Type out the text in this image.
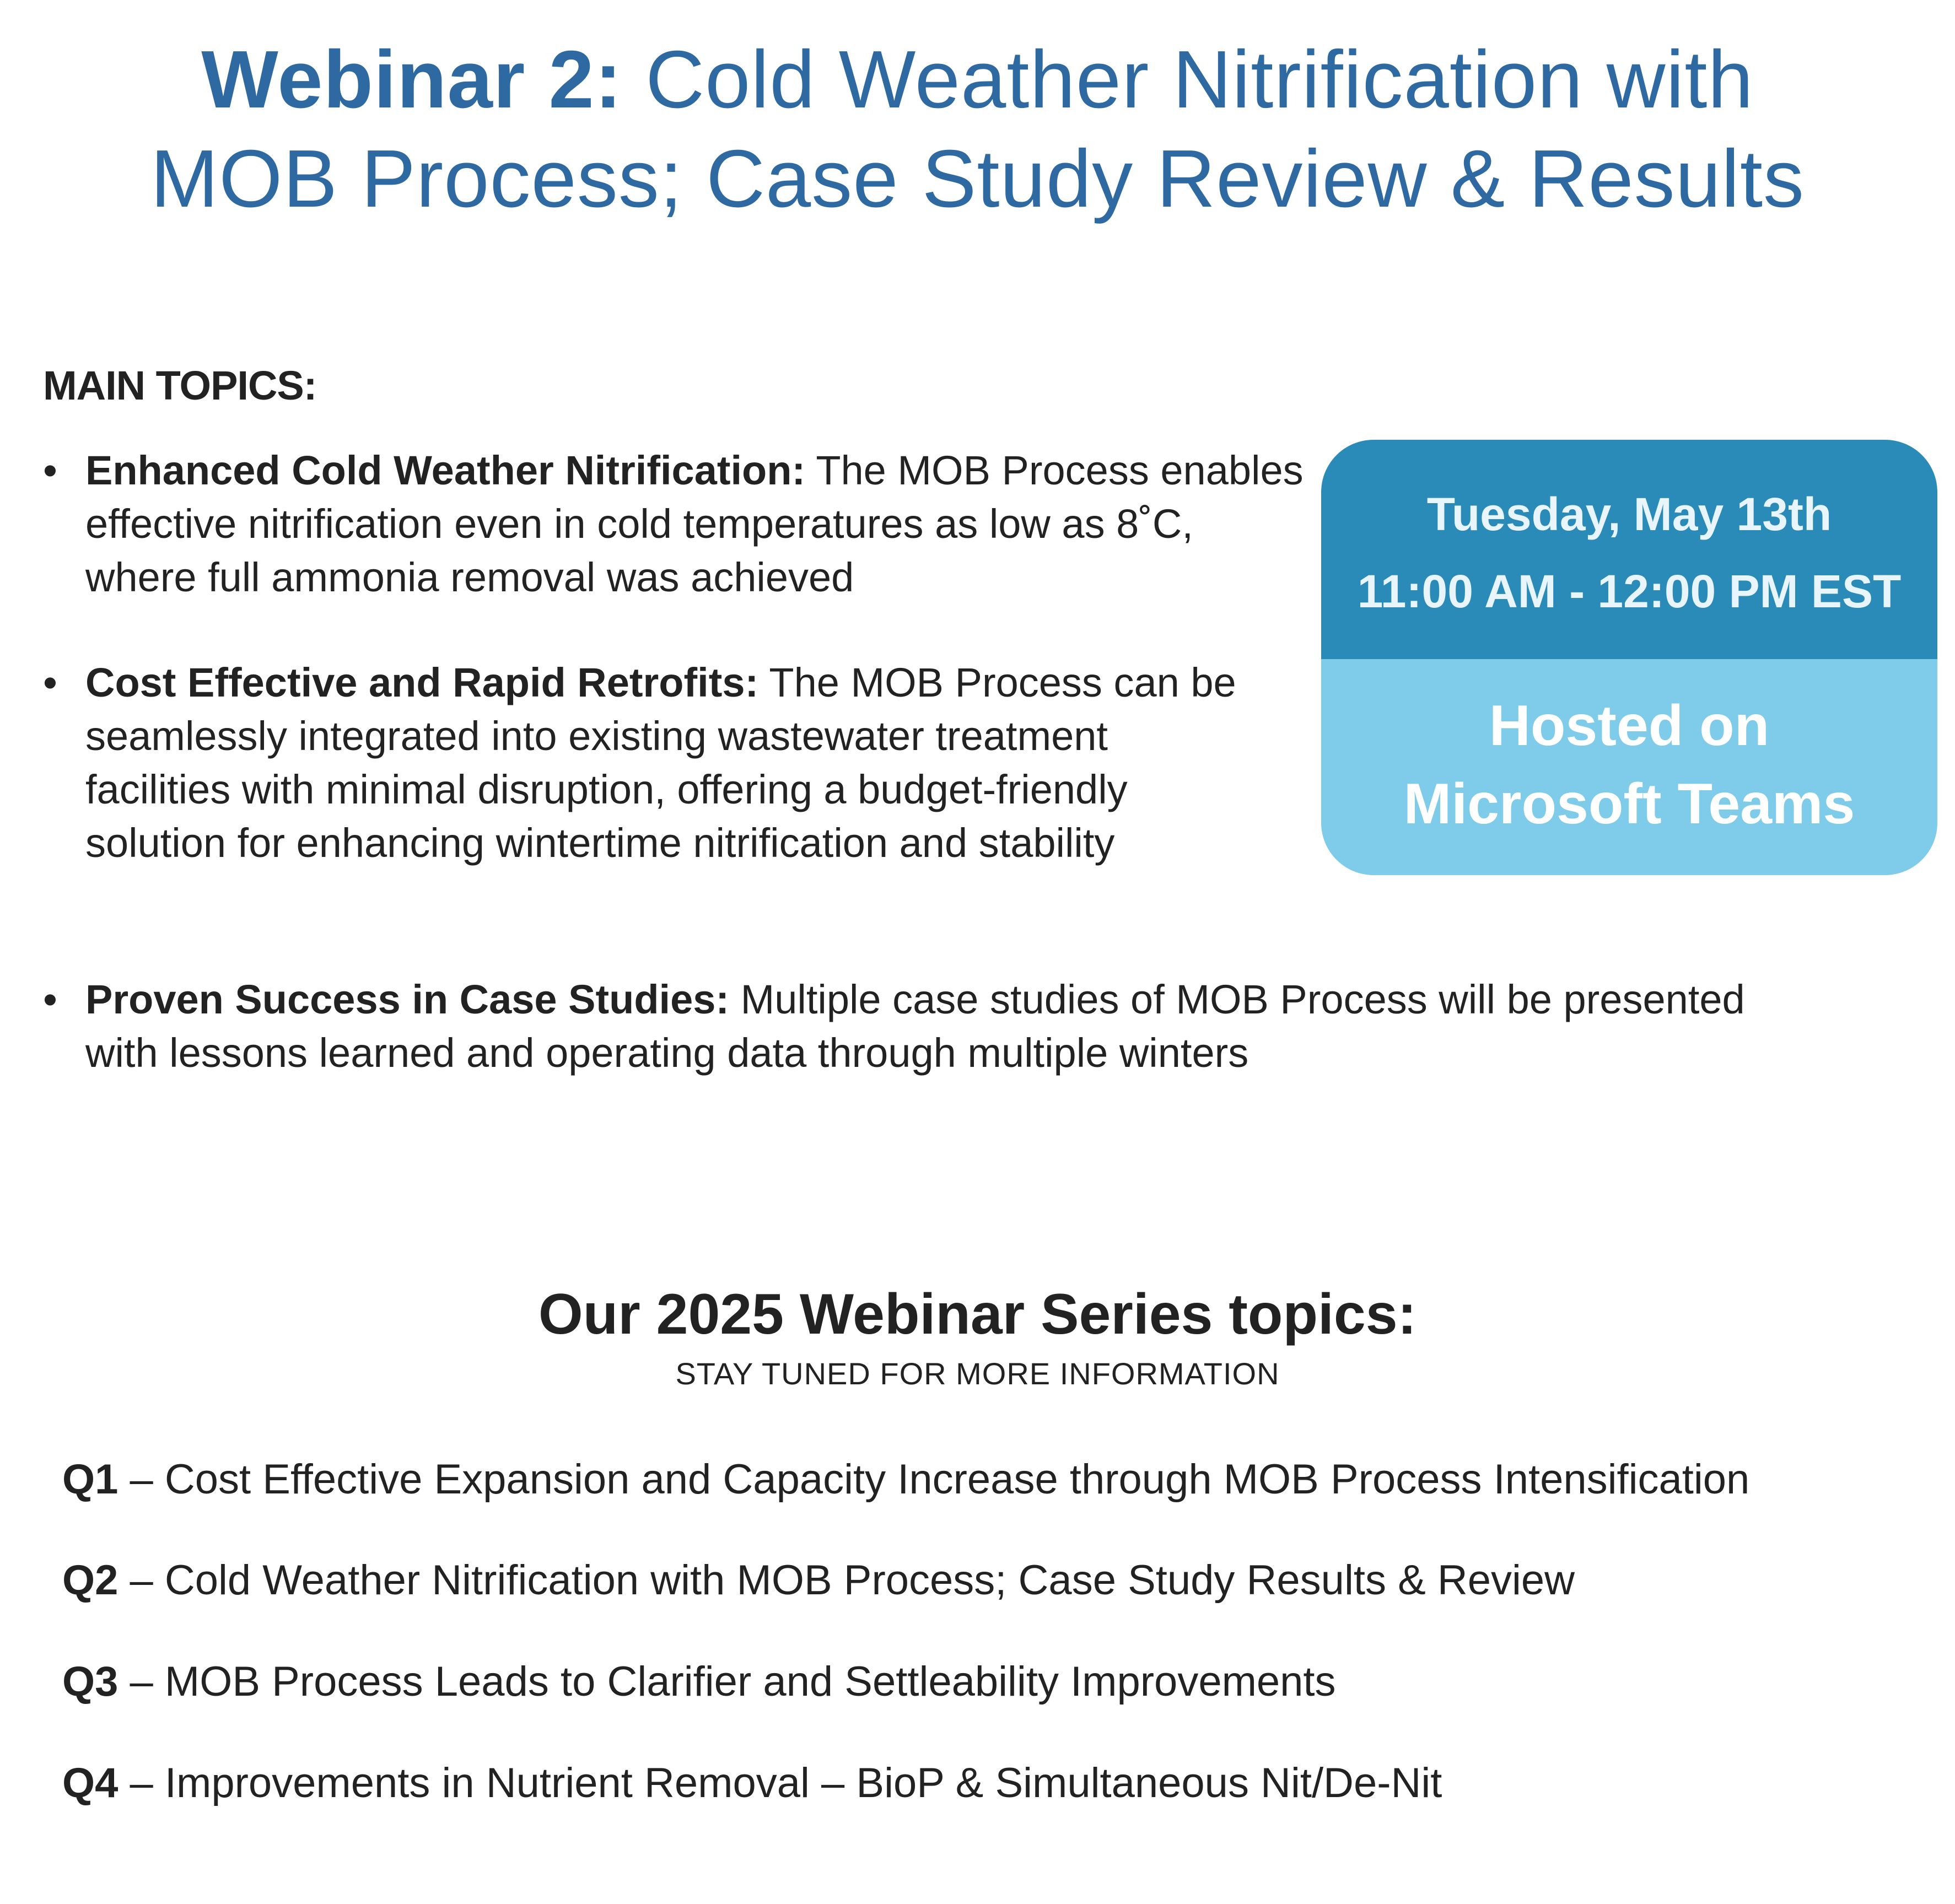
Webinar 2: Cold Weather Nitrification with
MOB Process; Case Study Review & Results
MAIN TOPICS:
• Enhanced Cold Weather Nitrification: The MOB Process enables effective nitrification even in cold temperatures as low as 8˚C, where full ammonia removal was achieved
• Cost Effective and Rapid Retrofits: The MOB Process can be seamlessly integrated into existing wastewater treatment facilities with minimal disruption, offering a budget-friendly solution for enhancing wintertime nitrification and stability
• Proven Success in Case Studies: Multiple case studies of MOB Process will be presented with lessons learned and operating data through multiple winters
Tuesday, May 13th
11:00 AM - 12:00 PM EST
Hosted on
Microsoft Teams
Our 2025 Webinar Series topics:
STAY TUNED FOR MORE INFORMATION
Q1 – Cost Effective Expansion and Capacity Increase through MOB Process Intensification
Q2 – Cold Weather Nitrification with MOB Process; Case Study Results & Review
Q3 – MOB Process Leads to Clarifier and Settleability Improvements
Q4 – Improvements in Nutrient Removal – BioP & Simultaneous Nit/De-Nit
